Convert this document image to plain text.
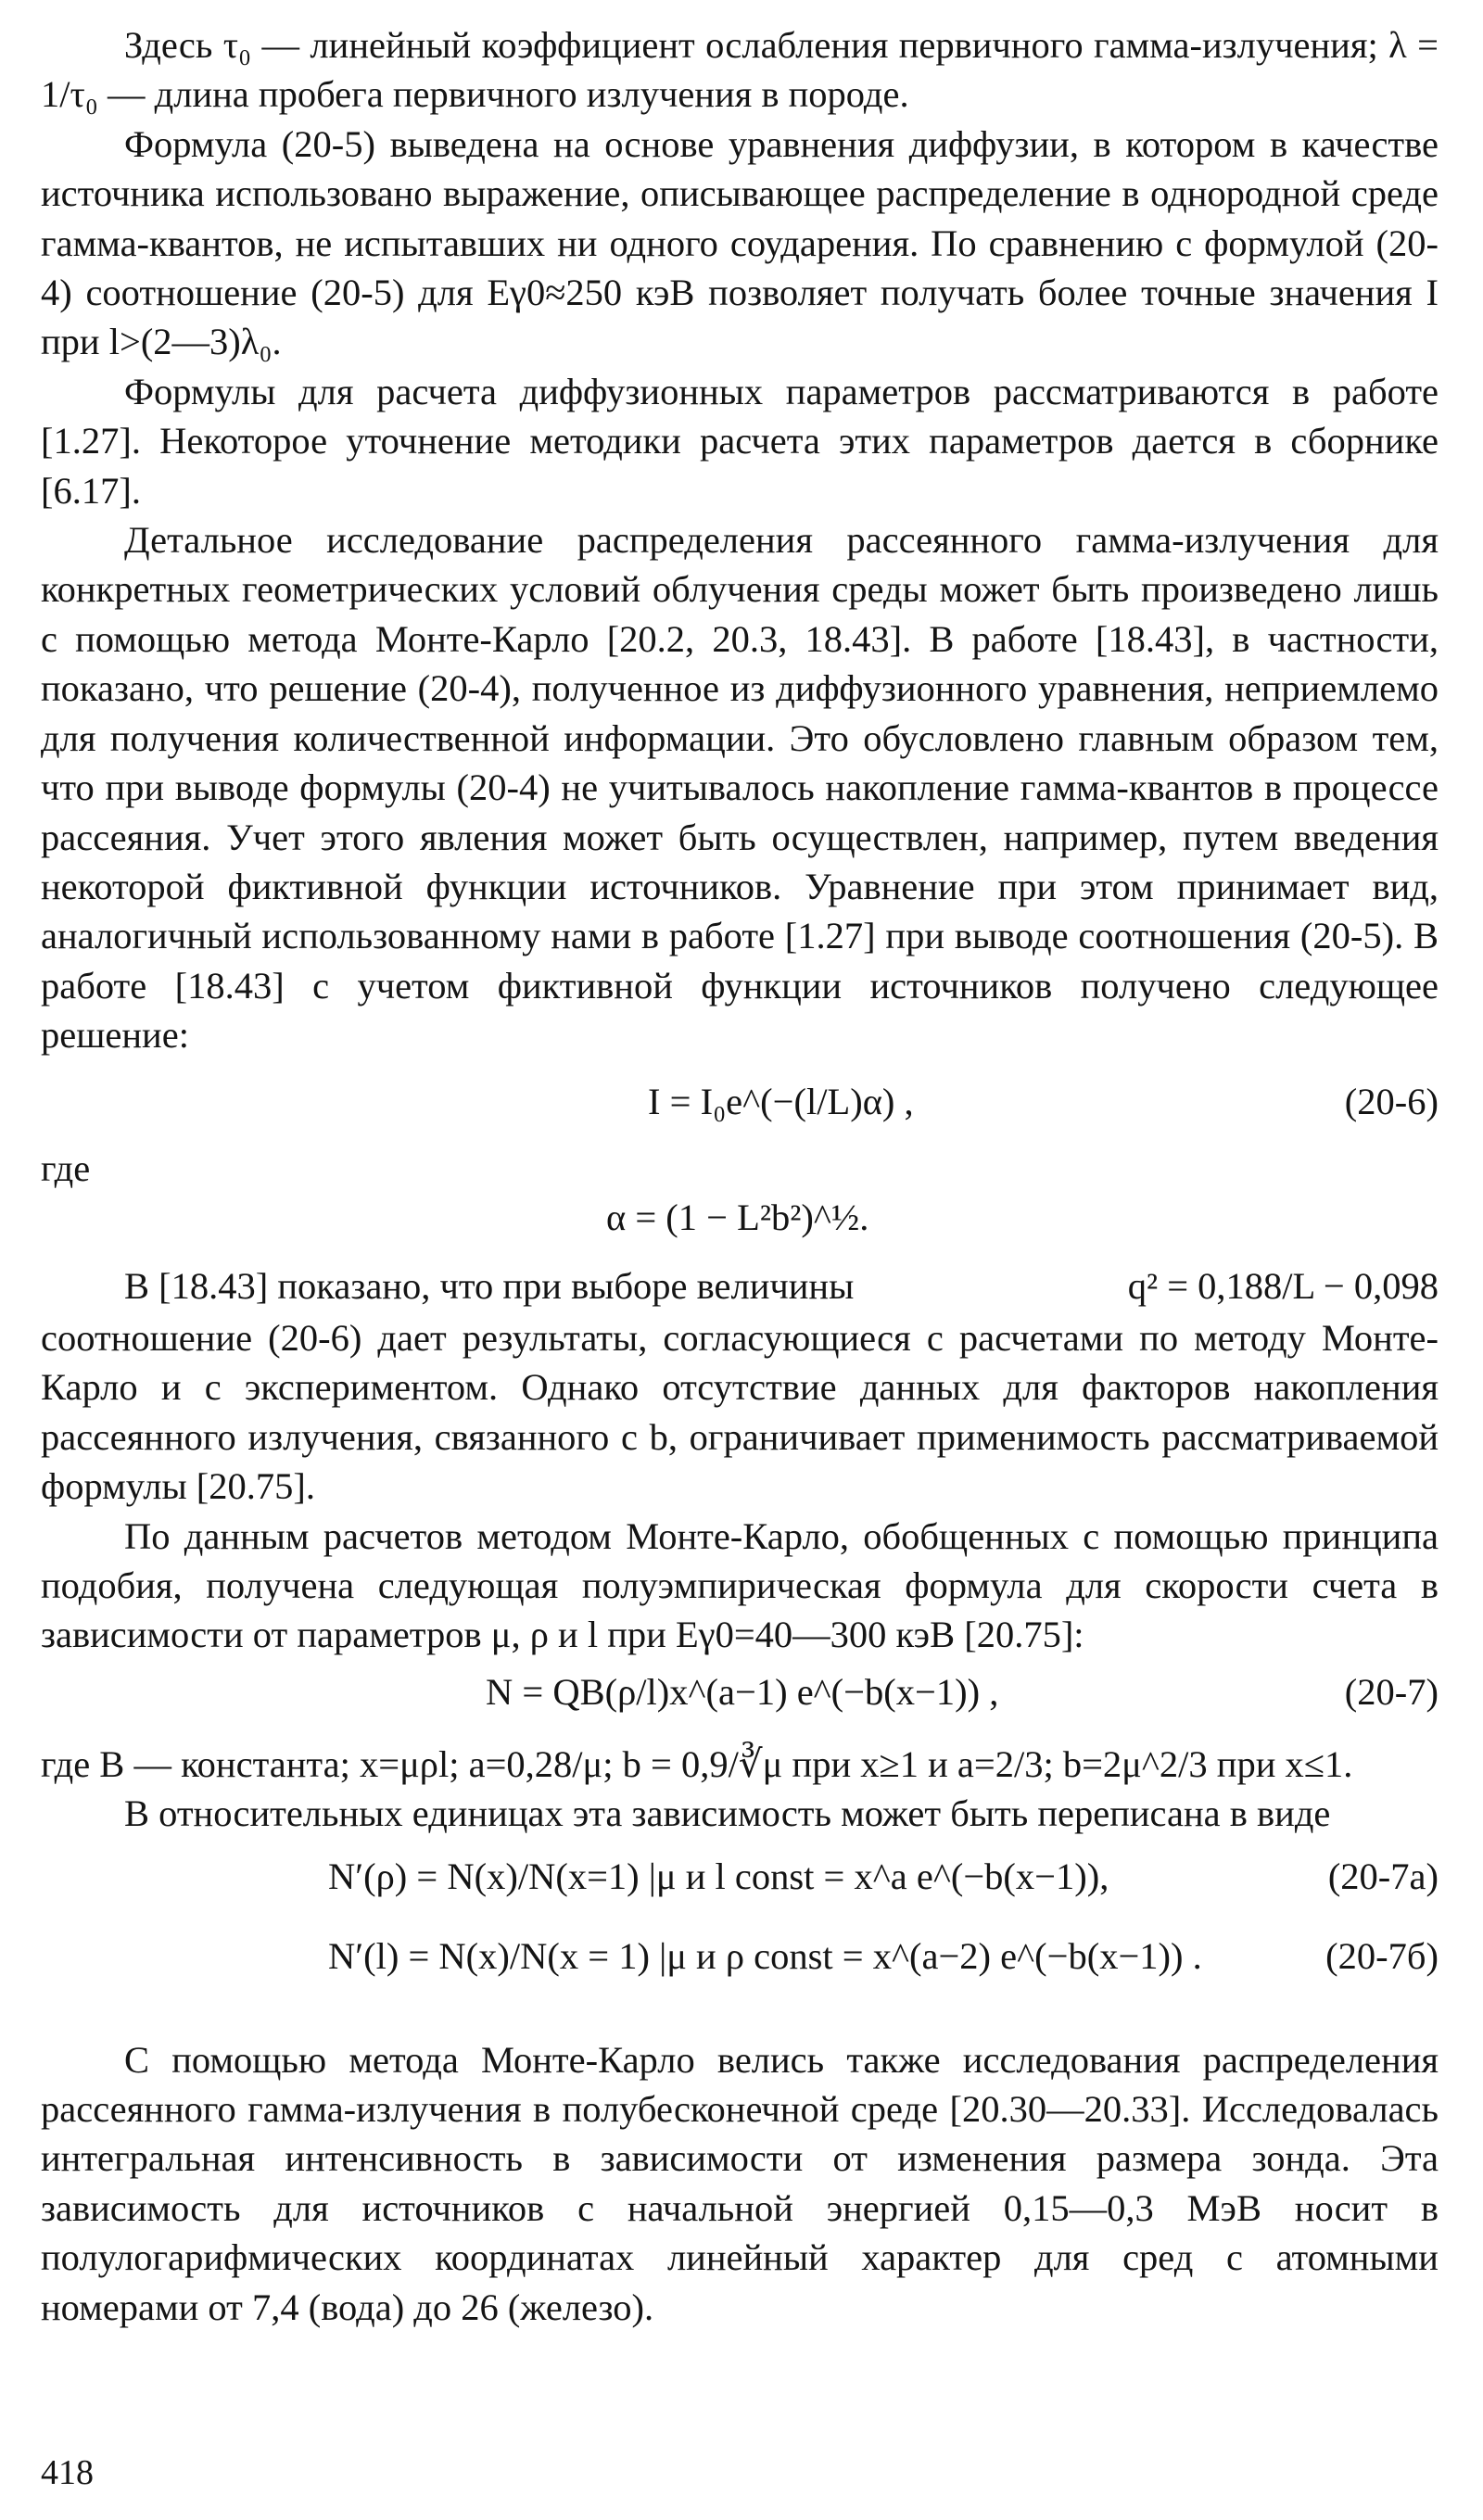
Здесь τ₀ — линейный коэффициент ослабления первичного гамма-излучения; λ = 1/τ₀ — длина пробега первичного излучения в породе.

Формула (20-5) выведена на основе уравнения диффузии, в котором в качестве источника использовано выражение, описывающее распределение в однородной среде гамма-квантов, не испытавших ни одного соударения. По сравнению с формулой (20-4) соотношение (20-5) для Eγ0≈250 кэВ позволяет получать более точные значения I при l>(2—3)λ₀.

Формулы для расчета диффузионных параметров рассматриваются в работе [1.27]. Некоторое уточнение методики расчета этих параметров дается в сборнике [6.17].

Детальное исследование распределения рассеянного гамма-излучения для конкретных геометрических условий облучения среды может быть произведено лишь с помощью метода Монте-Карло [20.2, 20.3, 18.43]. В работе [18.43], в частности, показано, что решение (20-4), полученное из диффузионного уравнения, неприемлемо для получения количественной информации. Это обусловлено главным образом тем, что при выводе формулы (20-4) не учитывалось накопление гамма-квантов в процессе рассеяния. Учет этого явления может быть осуществлен, например, путем введения некоторой фиктивной функции источников. Уравнение при этом принимает вид, аналогичный использованному нами в работе [1.27] при выводе соотношения (20-5). В работе [18.43] с учетом фиктивной функции источников получено следующее решение:

I = I₀e^(−(l/L)α) ,	(20-6)

где

α = (1 − L²b²)^½.
В [18.43] показано, что при выборе величины	q² = 0,188/L − 0,098

соотношение (20-6) дает результаты, согласующиеся с расчетами по методу Монте-Карло и с экспериментом. Однако отсутствие данных для факторов накопления рассеянного излучения, связанного с b, ограничивает применимость рассматриваемой формулы [20.75].

По данным расчетов методом Монте-Карло, обобщенных с помощью принципа подобия, получена следующая полуэмпирическая формула для скорости счета в зависимости от параметров μ, ρ и l при Eγ0=40—300 кэВ [20.75]:

N = QB(ρ/l)x^(a−1) e^(−b(x−1)) ,	(20-7)

где B — константа; x=μρl; a=0,28/μ; b = 0,9/∛μ при x≥1 и a=2/3; b=2μ^2/3 при x≤1.

В относительных единицах эта зависимость может быть переписана в виде

N′(ρ) = N(x)/N(x=1) |μ и l const = x^a e^(−b(x−1)),	(20-7а)
N′(l) = N(x)/N(x = 1) |μ и ρ const = x^(a−2) e^(−b(x−1)) .	(20-7б)

С помощью метода Монте-Карло велись также исследования распределения рассеянного гамма-излучения в полубесконечной среде [20.30—20.33]. Исследовалась интегральная интенсивность в зависимости от изменения размера зонда. Эта зависимость для источников с начальной энергией 0,15—0,3 МэВ носит в полулогарифмических координатах линейный характер для сред с атомными номерами от 7,4 (вода) до 26 (железо).

418
